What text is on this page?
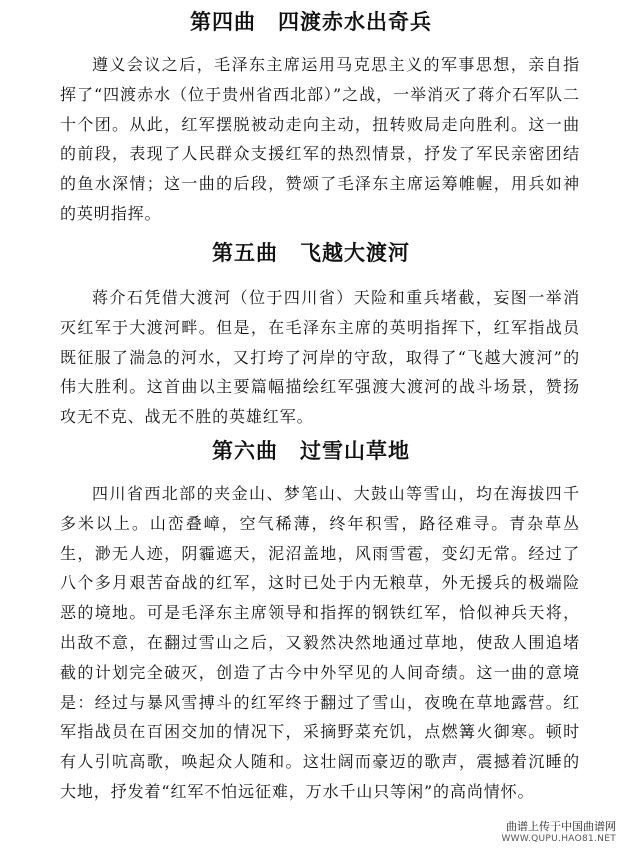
第四曲　四渡赤水出奇兵

遵义会议之后，毛泽东主席运用马克思主义的军事思想，亲自指挥了“四渡赤水（位于贵州省西北部）”之战，一举消灭了蒋介石军队二十个团。从此，红军摆脱被动走向主动，扭转败局走向胜利。这一曲的前段，表现了人民群众支援红军的热烈情景，抒发了军民亲密团结的鱼水深情；这一曲的后段，赞颂了毛泽东主席运筹帷幄，用兵如神的英明指挥。

第五曲　飞越大渡河

蒋介石凭借大渡河（位于四川省）天险和重兵堵截，妄图一举消灭红军于大渡河畔。但是，在毛泽东主席的英明指挥下，红军指战员既征服了湍急的河水，又打垮了河岸的守敌，取得了“飞越大渡河”的伟大胜利。这首曲以主要篇幅描绘红军强渡大渡河的战斗场景，赞扬攻无不克、战无不胜的英雄红军。

第六曲　过雪山草地

四川省西北部的夹金山、梦笔山、大鼓山等雪山，均在海拔四千多米以上。山峦叠嶂，空气稀薄，终年积雪，路径难寻。青杂草丛生，渺无人迹，阴霾遮天，泥沼盖地，风雨雪雹，变幻无常。经过了八个多月艰苦奋战的红军，这时已处于内无粮草，外无援兵的极端险恶的境地。可是毛泽东主席领导和指挥的钢铁红军，恰似神兵天将，出敌不意，在翻过雪山之后，又毅然决然地通过草地，使敌人围追堵截的计划完全破灭，创造了古今中外罕见的人间奇绩。这一曲的意境是：经过与暴风雪搏斗的红军终于翻过了雪山，夜晚在草地露营。红军指战员在百困交加的情况下，采摘野菜充饥，点燃篝火御寒。顿时有人引吭高歌，唤起众人随和。这壮阔而豪迈的歌声，震撼着沉睡的大地，抒发着“红军不怕远征难，万水千山只等闲”的高尚情怀。

曲谱上传于中国曲谱网
WWW.QUPU.HAO81.NET
